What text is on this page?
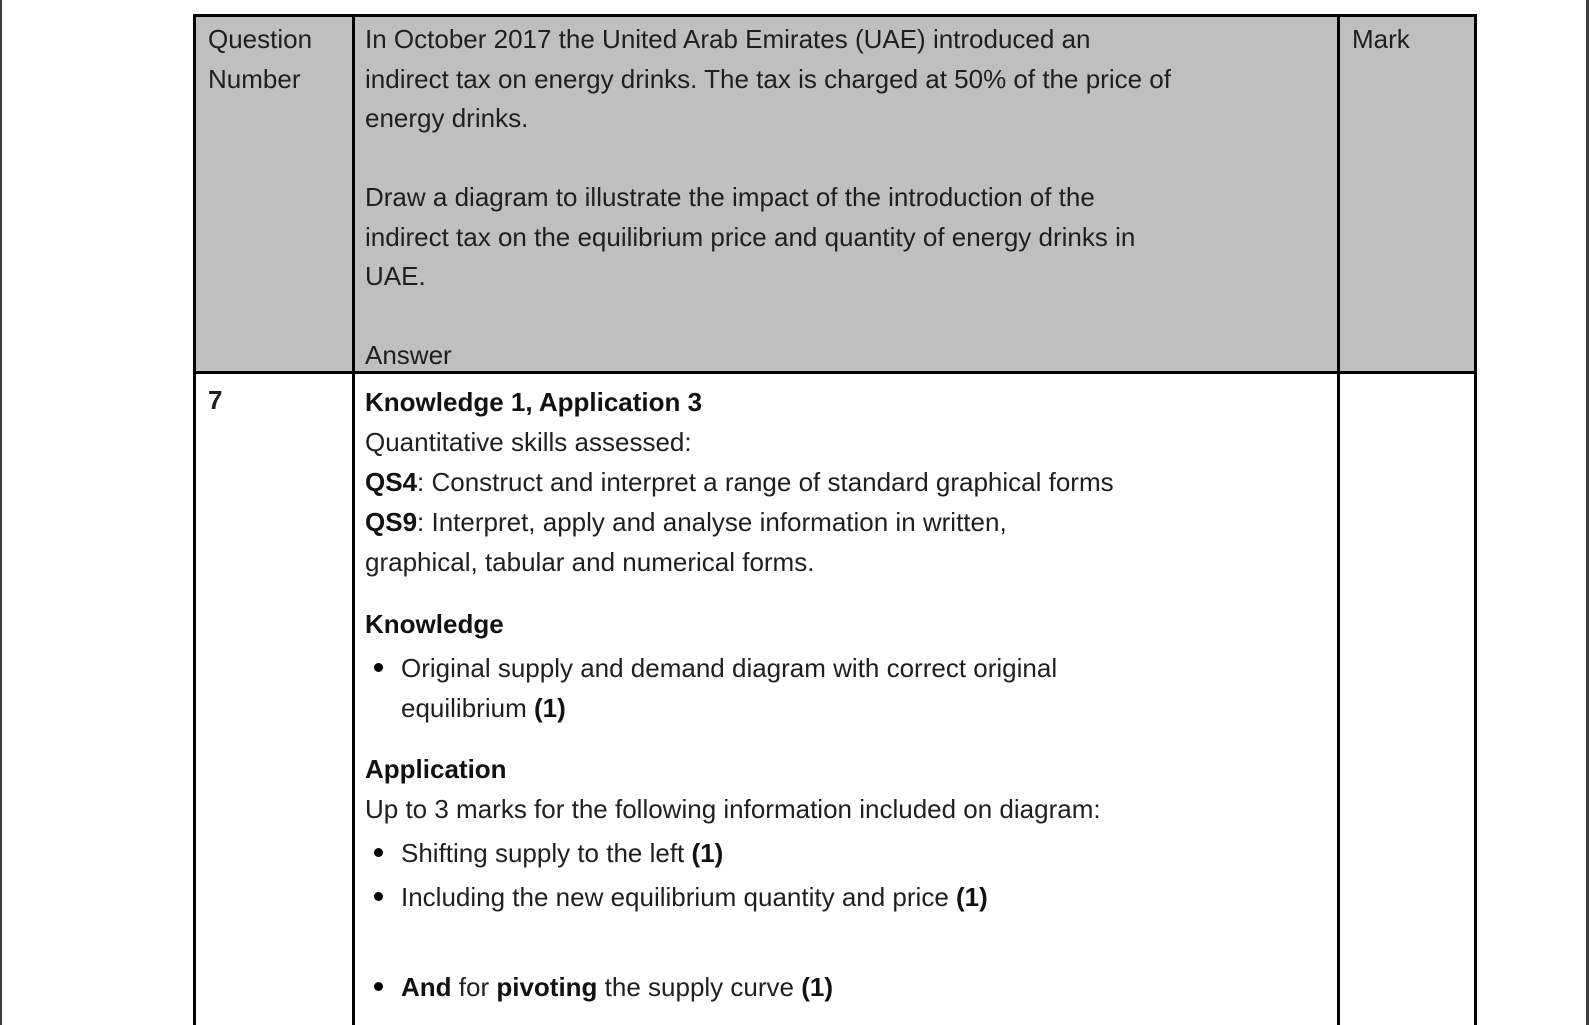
Question
Number
In October 2017 the United Arab Emirates (UAE) introduced an
indirect tax on energy drinks. The tax is charged at 50% of the price of
energy drinks.
Draw a diagram to illustrate the impact of the introduction of the
indirect tax on the equilibrium price and quantity of energy drinks in
UAE.
Answer
Mark
7	Knowledge 1, Application 3
Quantitative skills assessed:
QS4: Construct and interpret a range of standard graphical forms
QS9: Interpret, apply and analyse information in written,
graphical, tabular and numerical forms.
Knowledge
Original supply and demand diagram with correct original
equilibrium (1)
Application
Up to 3 marks for the following information included on diagram:
Shifting supply to the left (1)
Including the new equilibrium quantity and price (1)
And for pivoting the supply curve (1)
